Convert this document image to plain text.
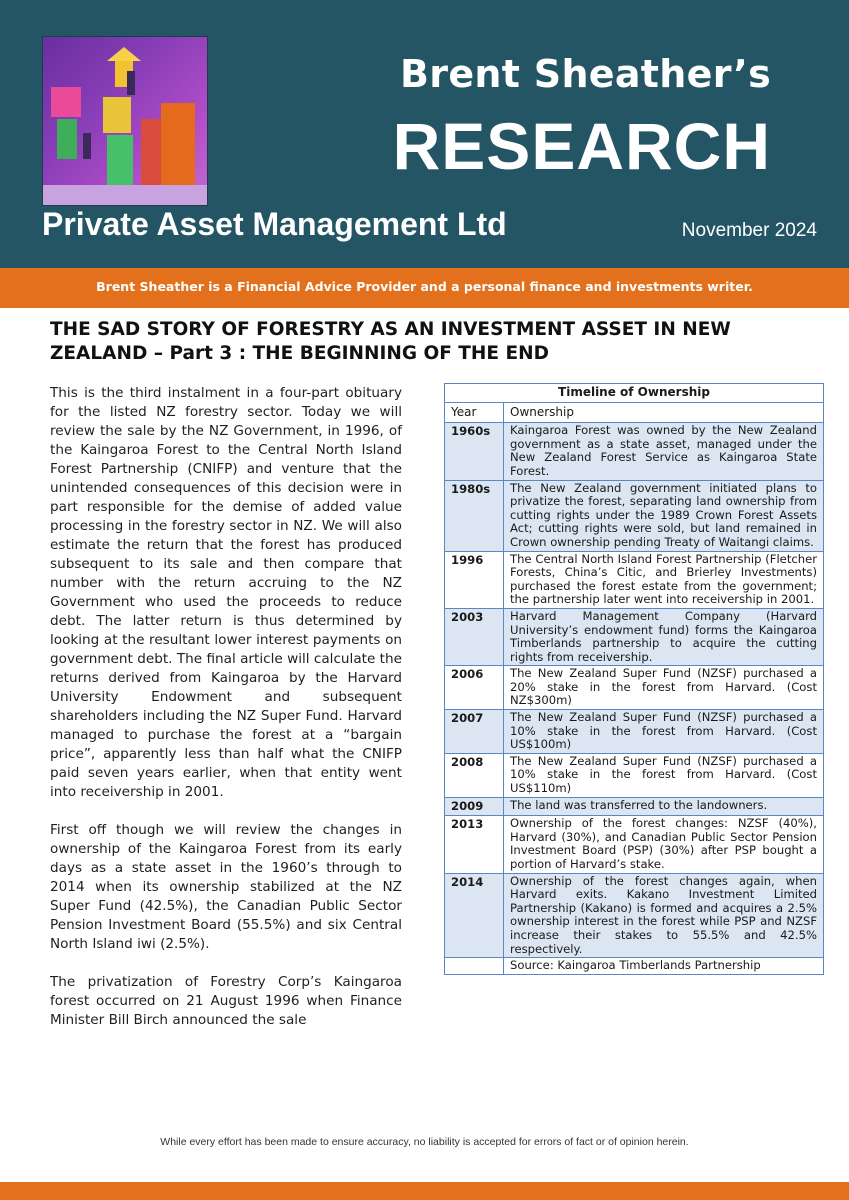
Brent Sheather’s
RESEARCH
Private Asset Management Ltd	November 2024
Brent Sheather is a Financial Advice Provider and a personal finance and investments writer.
THE SAD STORY OF FORESTRY AS AN INVESTMENT ASSET IN NEW ZEALAND – Part 3 : THE BEGINNING OF THE END

This is the third instalment in a four-part obituary for the listed NZ forestry sector. Today we will review the sale by the NZ Government, in 1996, of the Kaingaroa Forest to the Central North Island Forest Partnership (CNIFP) and venture that the unintended consequences of this decision were in part responsible for the demise of added value processing in the forestry sector in NZ. We will also estimate the return that the forest has produced subsequent to its sale and then compare that number with the return accruing to the NZ Government who used the proceeds to reduce debt. The latter return is thus determined by looking at the resultant lower interest payments on government debt. The final article will calculate the returns derived from Kaingaroa by the Harvard University Endowment and subsequent shareholders including the NZ Super Fund. Harvard managed to purchase the forest at a “bargain price”, apparently less than half what the CNIFP paid seven years earlier, when that entity went into receivership in 2001.

First off though we will review the changes in ownership of the Kaingaroa Forest from its early days as a state asset in the 1960’s through to 2014 when its ownership stabilized at the NZ Super Fund (42.5%), the Canadian Public Sector Pension Investment Board (55.5%) and six Central North Island iwi (2.5%).

The privatization of Forestry Corp’s Kaingaroa forest occurred on 21 August 1996 when Finance Minister Bill Birch announced the sale

Timeline of Ownership	
Year	Ownership
1960s	Kaingaroa Forest was owned by the New Zealand government as a state asset, managed under the New Zealand Forest Service as Kaingaroa State Forest.
1980s	The New Zealand government initiated plans to privatize the forest, separating land ownership from cutting rights under the 1989 Crown Forest Assets Act; cutting rights were sold, but land remained in Crown ownership pending Treaty of Waitangi claims.
1996	The Central North Island Forest Partnership (Fletcher Forests, China’s Citic, and Brierley Investments) purchased the forest estate from the government; the partnership later went into receivership in 2001.
2003	Harvard Management Company (Harvard University’s endowment fund) forms the Kaingaroa Timberlands partnership to acquire the cutting rights from receivership.
2006	The New Zealand Super Fund (NZSF) purchased a 20% stake in the forest from Harvard. (Cost NZ$300m)
2007	The New Zealand Super Fund (NZSF) purchased a 10% stake in the forest from Harvard. (Cost US$100m)
2008	The New Zealand Super Fund (NZSF) purchased a 10% stake in the forest from Harvard. (Cost US$110m)
2009	The land was transferred to the landowners.
2013	Ownership of the forest changes: NZSF (40%), Harvard (30%), and Canadian Public Sector Pension Investment Board (PSP) (30%) after PSP bought a portion of Harvard’s stake.
2014	Ownership of the forest changes again, when Harvard exits. Kakano Investment Limited Partnership (Kakano) is formed and acquires a 2.5% ownership interest in the forest while PSP and NZSF increase their stakes to 55.5% and 42.5% respectively.
	Source: Kaingaroa Timberlands Partnership
While every effort has been made to ensure accuracy, no liability is accepted for errors of fact or of opinion herein.
